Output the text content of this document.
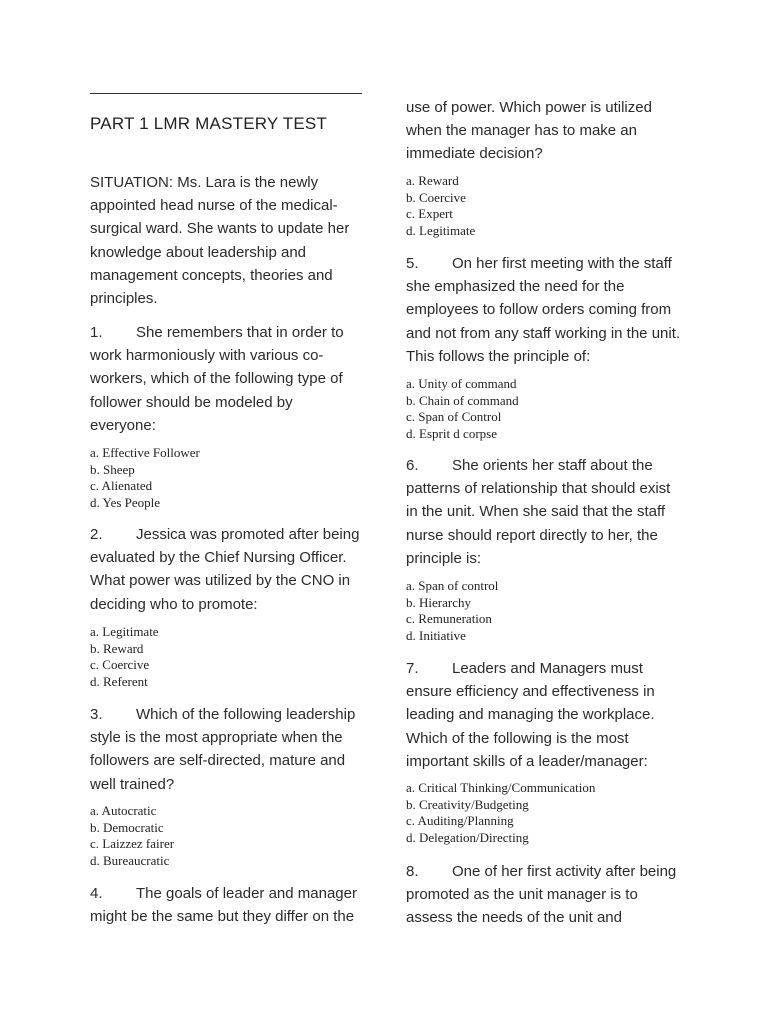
PART 1 LMR MASTERY TEST

SITUATION: Ms. Lara is the newly appointed head nurse of the medical-surgical ward. She wants to update her knowledge about leadership and management concepts, theories and principles.

1. She remembers that in order to work harmoniously with various co-workers, which of the following type of follower should be modeled by everyone:

a. Effective Follower
b. Sheep
c. Alienated
d. Yes People

2. Jessica was promoted after being evaluated by the Chief Nursing Officer. What power was utilized by the CNO in deciding who to promote:

a. Legitimate
b. Reward
c. Coercive
d. Referent

3. Which of the following leadership style is the most appropriate when the followers are self-directed, mature and well trained?

a. Autocratic
b. Democratic
c. Laizzez fairer
d. Bureaucratic

4. The goals of leader and manager might be the same but they differ on the

use of power. Which power is utilized when the manager has to make an immediate decision?

a. Reward
b. Coercive
c. Expert
d. Legitimate

5. On her first meeting with the staff she emphasized the need for the employees to follow orders coming from and not from any staff working in the unit. This follows the principle of:

a. Unity of command
b. Chain of command
c. Span of Control
d. Esprit d corpse

6. She orients her staff about the patterns of relationship that should exist in the unit. When she said that the staff nurse should report directly to her, the principle is:

a. Span of control
b. Hierarchy
c. Remuneration
d. Initiative

7. Leaders and Managers must ensure efficiency and effectiveness in leading and managing the workplace. Which of the following is the most important skills of a leader/manager:

a. Critical Thinking/Communication
b. Creativity/Budgeting
c. Auditing/Planning
d. Delegation/Directing

8. One of her first activity after being promoted as the unit manager is to assess the needs of the unit and
